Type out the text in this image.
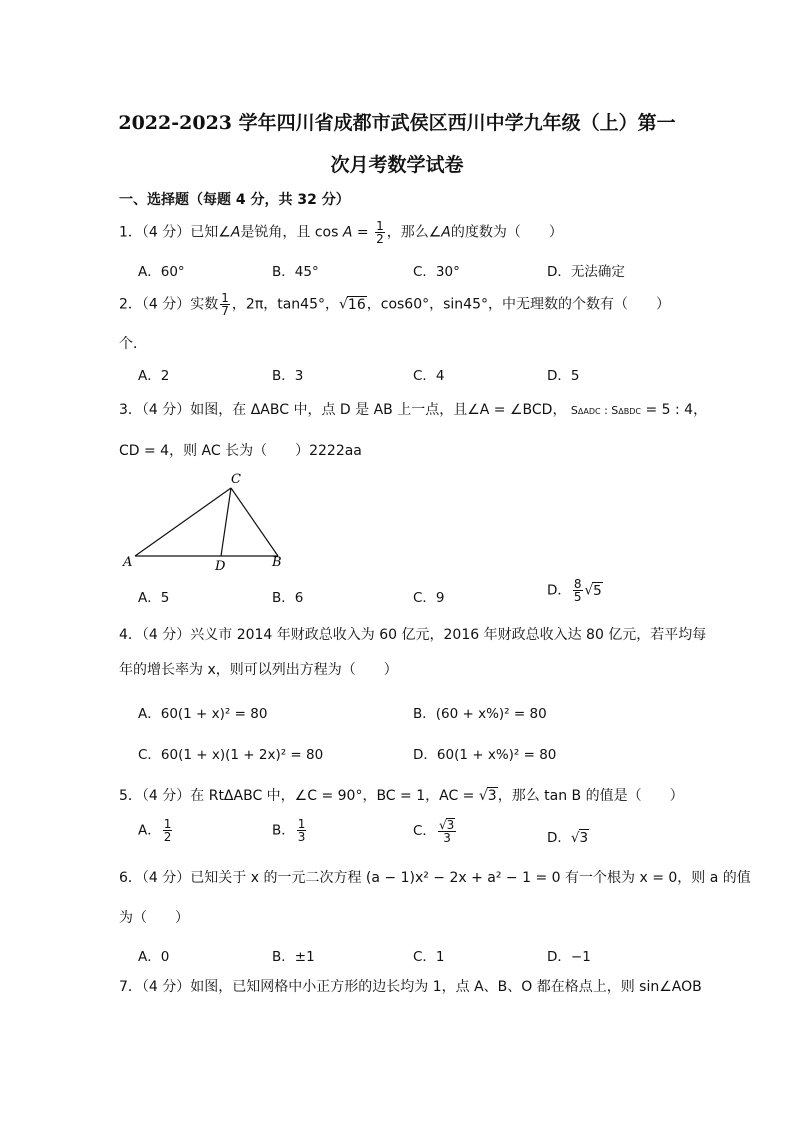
2022-2023 学年四川省成都市武侯区西川中学九年级（上）第一
次月考数学试卷
一、选择题（每题 4 分，共 32 分）
1．（4 分）已知∠A是锐角，且 $\cos A = \frac{1}{2}$ ，那么∠A的度数为（　　）
A．60°	B．45°	C．30°	D．无法确定
2．（4 分）实数 $\frac{1}{7}$ ，2π，tan45°，√16，cos60°，sin45°，中无理数的个数有（　　）
个．
A．2	B．3	C．4	D．5
3．（4 分）如图，在 ΔABC 中，点 D 是 AB 上一点，且∠A = ∠BCD， SΔADC : SΔBDC = 5 : 4，
CD = 4，则 AC 长为（　　）2222aa
C
A	D	B
A．5	B．6	C．9	D． $\frac{8}{5} √5$
4．（4 分）兴义市 2014 年财政总收入为 60 亿元，2016 年财政总收入达 80 亿元，若平均每
年的增长率为 x，则可以列出方程为（　　）
A．60(1 + x)² = 80	B．(60 + x%)² = 80
C．60(1 + x)(1 + 2x)² = 80	D．60(1 + x%)² = 80
5．（4 分）在 RtΔABC 中，∠C = 90°，BC = 1，AC = √3，那么 tan B 的值是（　　）
A． $\frac{1}{2}$	B． $\frac{1}{3}$	C． $\frac{√3}{3}$	D．√3
6．（4 分）已知关于 x 的一元二次方程 (a − 1)x² − 2x + a² − 1 = 0 有一个根为 x = 0，则 a 的值
为（　　）
A．0	B．±1	C．1	D．−1
7．（4 分）如图，已知网格中小正方形的边长均为 1，点 A、B、O 都在格点上，则 sin∠AOB
